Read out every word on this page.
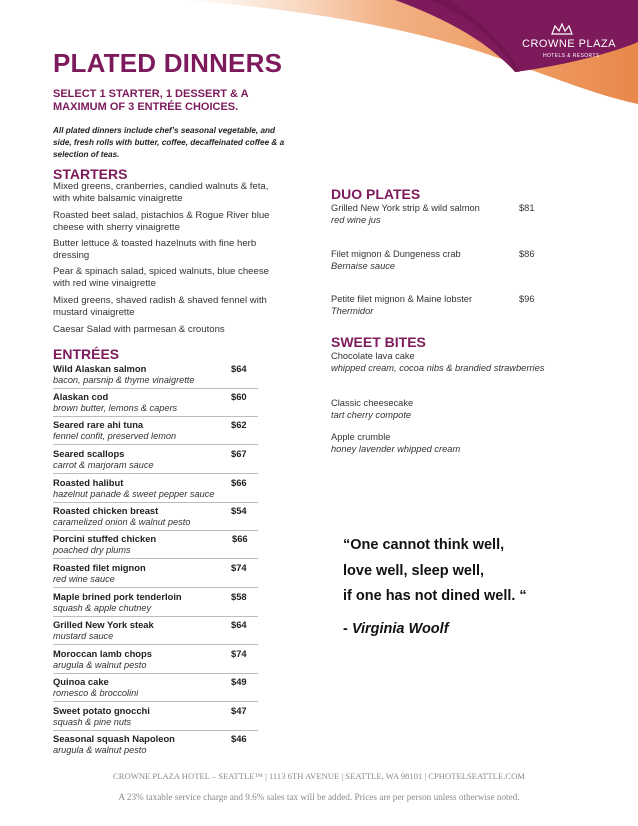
CROWNE PLAZA
HOTELS & RESORTS
PLATED DINNERS
SELECT 1 STARTER, 1 DESSERT & A MAXIMUM OF 3 ENTRÉE CHOICES.
All plated dinners include chef’s seasonal vegetable, and side, fresh rolls with butter, coffee, decaffeinated coffee & a selection of teas.
STARTERS
Mixed greens, cranberries, candied walnuts & feta, with white balsamic vinaigrette
Roasted beet salad, pistachios & Rogue River blue cheese with sherry vinaigrette
Butter lettuce & toasted hazelnuts with fine herb dressing
Pear & spinach salad, spiced walnuts, blue cheese with red wine vinaigrette
Mixed greens, shaved radish & shaved fennel with mustard vinaigrette
Caesar Salad with parmesan & croutons
ENTRÉES
Wild Alaskan salmon	$64
bacon, parsnip & thyme vinaigrette
Alaskan cod	$60
brown butter, lemons & capers
Seared rare ahi tuna	$62
fennel confit, preserved lemon
Seared scallops	$67
carrot & marjoram sauce
Roasted halibut	$66
hazelnut panade & sweet pepper sauce
Roasted chicken breast	$54
caramelized onion & walnut pesto
Porcini stuffed chicken	$66
poached dry plums
Roasted filet mignon	$74
red wine sauce
Maple brined pork tenderloin	$58
squash & apple chutney
Grilled New York steak	$64
mustard sauce
Moroccan lamb chops	$74
arugula & walnut pesto
Quinoa cake	$49
romesco & broccolini
Sweet potato gnocchi	$47
squash & pine nuts
Seasonal squash Napoleon	$46
arugula & walnut pesto
DUO PLATES
Grilled New York strip & wild salmon	$81
red wine jus
Filet mignon & Dungeness crab	$86
Bernaise sauce
Petite filet mignon & Maine lobster	$96
Thermidor
SWEET BITES
Chocolate lava cake
whipped cream, cocoa nibs & brandied strawberries
Classic cheesecake
tart cherry compote
Apple crumble
honey lavender whipped cream
“One cannot think well,
love well, sleep well,
if one has not dined well. “
- Virginia Woolf
CROWNE PLAZA HOTEL – SEATTLE™ | 1113 6TH AVENUE | SEATTLE, WA 98101 | CPHOTELSEATTLE.COM
A 23% taxable service charge and 9.6% sales tax will be added. Prices are per person unless otherwise noted.
